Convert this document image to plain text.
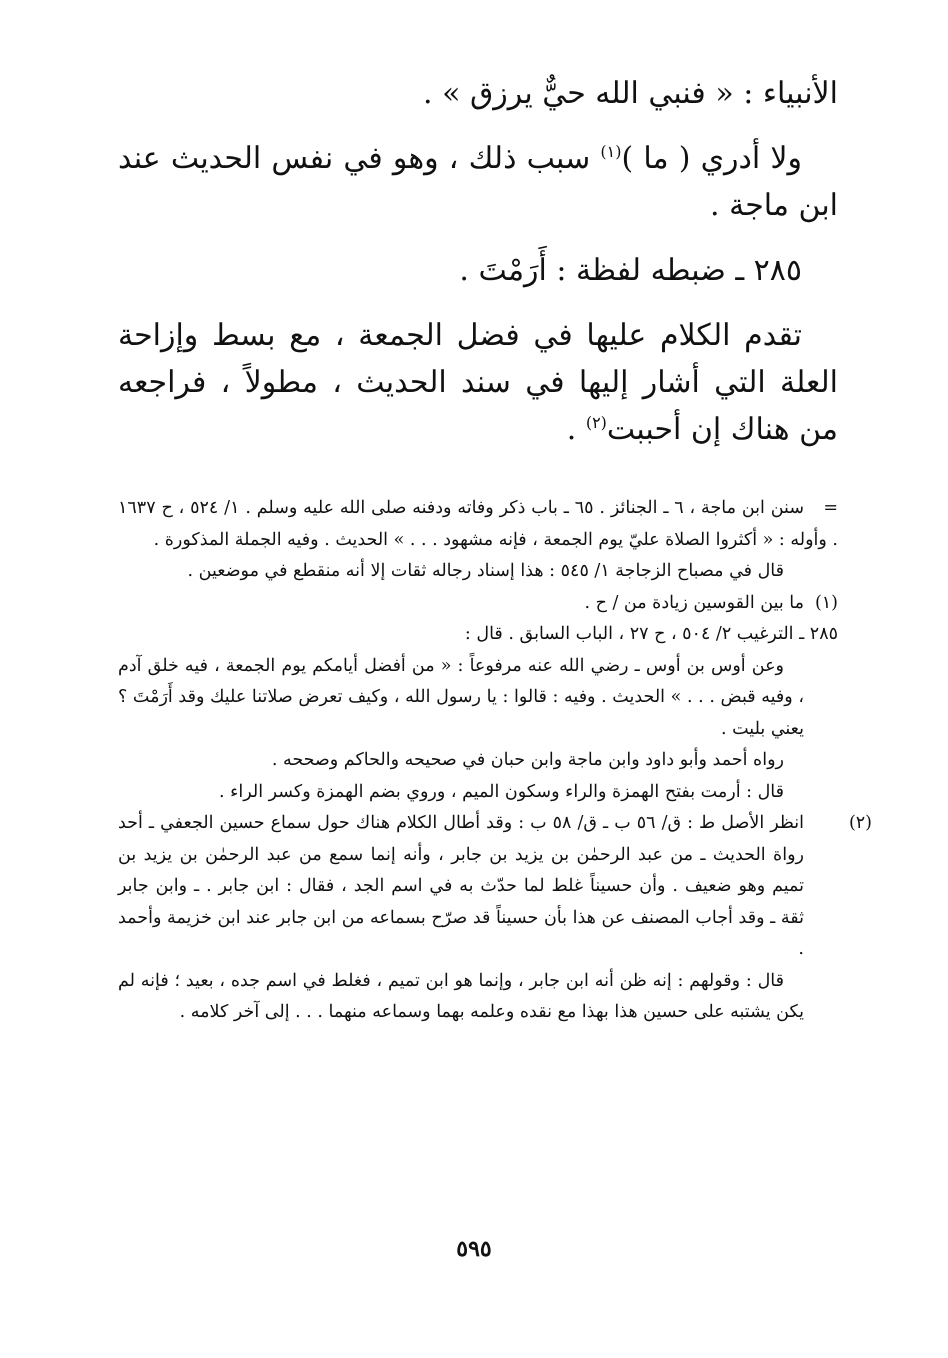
الأنبياء : « فنبي الله حيٌّ يرزق » .

ولا أدري ( ما )$^{(١)}$ سبب ذلك ، وهو في نفس الحديث عند ابن ماجة .

٢٨٥ ـ ضبطه لفظة : أَرَمْتَ .

تقدم الكلام عليها في فضل الجمعة ، مع بسط وإزاحة العلة التي أشار إليها في سند الحديث ، مطولاً ، فراجعه من هناك إن أحببت$^{(٢)}$ .

=سنن ابن ماجة ، ٦ ـ الجنائز . ٦٥ ـ باب ذكر وفاته ودفنه صلى الله عليه وسلم . ١/ ٥٢٤ ، ح ١٦٣٧ . وأوله : « أكثروا الصلاة عليّ يوم الجمعة ، فإنه مشهود . . . » الحديث . وفيه الجملة المذكورة .

قال في مصباح الزجاجة ١/ ٥٤٥ : هذا إسناد رجاله ثقات إلا أنه منقطع في موضعين .

(١)ما بين القوسين زيادة من / ح .

٢٨٥ ـ الترغيب ٢/ ٥٠٤ ، ح ٢٧ ، الباب السابق . قال :

وعن أوس بن أوس ـ رضي الله عنه مرفوعاً : « من أفضل أيامكم يوم الجمعة ، فيه خلق آدم ، وفيه قبض . . . » الحديث . وفيه : قالوا : يا رسول الله ، وكيف تعرض صلاتنا عليك وقد أَرَمْتَ ؟ يعني بليت .

رواه أحمد وأبو داود وابن ماجة وابن حبان في صحيحه والحاكم وصححه .

قال : أرمت بفتح الهمزة والراء وسكون الميم ، وروي بضم الهمزة وكسر الراء .

(٢)انظر الأصل ط : ق/ ٥٦ ب ـ ق/ ٥٨ ب : وقد أطال الكلام هناك حول سماع حسين الجعفي ـ أحد رواة الحديث ـ من عبد الرحمٰن بن يزيد بن جابر ، وأنه إنما سمع من عبد الرحمٰن بن يزيد بن تميم وهو ضعيف . وأن حسيناً غلط لما حدّث به في اسم الجد ، فقال : ابن جابر . ـ وابن جابر ثقة ـ وقد أجاب المصنف عن هذا بأن حسيناً قد صرّح بسماعه من ابن جابر عند ابن خزيمة وأحمد .

قال : وقولهم : إنه ظن أنه ابن جابر ، وإنما هو ابن تميم ، فغلط في اسم جده ، بعيد ؛ فإنه لم يكن يشتبه على حسين هذا بهذا مع نقده وعلمه بهما وسماعه منهما . . . إلى آخر كلامه .

٥٩٥
